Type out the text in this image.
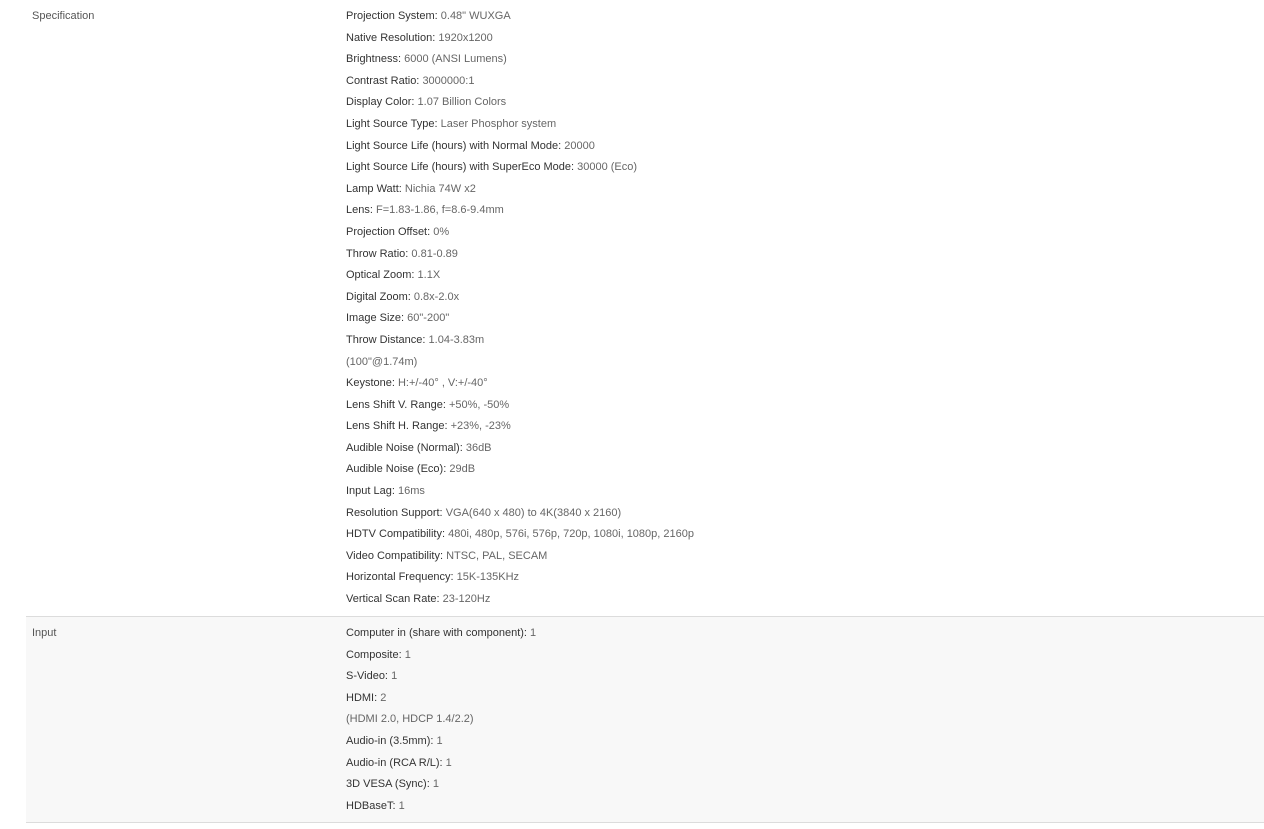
Specification	Projection System: 0.48" WUXGA
Native Resolution: 1920x1200
Brightness: 6000 (ANSI Lumens)
Contrast Ratio: 3000000:1
Display Color: 1.07 Billion Colors
Light Source Type: Laser Phosphor system
Light Source Life (hours) with Normal Mode: 20000
Light Source Life (hours) with SuperEco Mode: 30000 (Eco)
Lamp Watt: Nichia 74W x2
Lens: F=1.83-1.86, f=8.6-9.4mm
Projection Offset: 0%
Throw Ratio: 0.81-0.89
Optical Zoom: 1.1X
Digital Zoom: 0.8x-2.0x
Image Size: 60"-200"
Throw Distance: 1.04-3.83m
(100"@1.74m)
Keystone: H:+/-40° , V:+/-40°
Lens Shift V. Range: +50%, -50%
Lens Shift H. Range: +23%, -23%
Audible Noise (Normal): 36dB
Audible Noise (Eco): 29dB
Input Lag: 16ms
Resolution Support: VGA(640 x 480) to 4K(3840 x 2160)
HDTV Compatibility: 480i, 480p, 576i, 576p, 720p, 1080i, 1080p, 2160p
Video Compatibility: NTSC, PAL, SECAM
Horizontal Frequency: 15K-135KHz
Vertical Scan Rate: 23-120Hz
Input	Computer in (share with component): 1
Composite: 1
S-Video: 1
HDMI: 2
(HDMI 2.0, HDCP 1.4/2.2)
Audio-in (3.5mm): 1
Audio-in (RCA R/L): 1
3D VESA (Sync): 1
HDBaseT: 1
